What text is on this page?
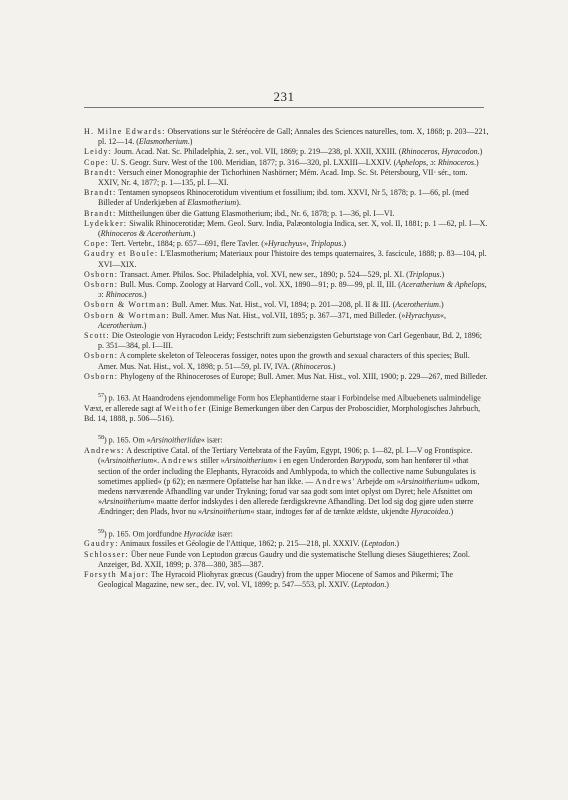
231

H. Milne Edwards: Observations sur le Stéréocère de Gall; Annales des Sciences naturelles, tom. X, 1868; p. 203—221, pl. 12—14. (Elasmotherium.)

Leidy: Journ. Acad. Nat. Sc. Philadelphia, 2. ser., vol. VII, 1869; p. 219—238, pl. XXII, XXIII. (Rhinoceros, Hyracodon.)

Cope: U. S. Geogr. Surv. West of the 100. Meridian, 1877; p. 316—320, pl. LXXIII—LXXIV. (Aphelops, ɔ: Rhinoceros.)

Brandt: Versuch einer Monographie der Tichorhinen Nashörner; Mém. Acad. Imp. Sc. St. Pétersbourg, VII· sér., tom. XXIV, Nr. 4, 1877; p. 1—135, pl. I—XI.

Brandt: Tentamen synopseos Rhinocerotidum viventium et fossilium; ibd. tom. XXVI, Nr 5, 1878; p. 1—66, pl. (med Billeder af Underkjæben af Elasmotherium).

Brandt: Mittheilungen über die Gattung Elasmotherium; ibd., Nr. 6, 1878; p. 1—36, pl. I—VI.

Lydekker: Siwalik Rhinocerotidæ; Mem. Geol. Surv. India, Palæontologia Indica, ser. X, vol. II, 1881; p. 1 —62, pl. I—X. (Rhinoceros & Acerotherium.)

Cope: Tert. Vertebr., 1884; p. 657—691, flere Tavler. (»Hyrachyus«, Triplopus.)

Gaudry et Boule: L'Elasmotherium; Materiaux pour l'histoire des temps quaternaires, 3. fascicule, 1888; p. 83—104, pl. XVI—XIX.

Osborn: Transact. Amer. Philos. Soc. Philadelphia, vol. XVI, new ser., 1890; p. 524—529, pl. XI. (Triplopus.)

Osborn: Bull. Mus. Comp. Zoology at Harvard Coll., vol. XX, 1890—91; p. 89—99, pl. II, III. (Aceratherium & Aphelops, ɔ: Rhinoceros.)

Osborn & Wortman: Bull. Amer. Mus. Nat. Hist., vol. VI, 1894; p. 201—208, pl. II & III. (Acerotherium.)

Osborn & Wortman: Bull. Amer. Mus Nat. Hist., vol.VII, 1895; p. 367—371, med Billeder. (»Hyrachyus«, Acerotherium.)

Scott: Die Osteologie von Hyracodon Leidy; Festschrift zum siebenzigsten Geburtstage von Carl Gegenbaur, Bd. 2, 1896; p. 351—384, pl. I—III.

Osborn: A complete skeleton of Teleoceras fossiger, notes upon the growth and sexual characters of this species; Bull. Amer. Mus. Nat. Hist., vol. X, 1898; p. 51—59, pl. IV, IVA. (Rhinoceros.)

Osborn: Phylogeny of the Rhinoceroses of Europe; Bull. Amer. Mus Nat. Hist., vol. XIII, 1900; p. 229—267, med Billeder.

$^{57}$) p. 163. At Haandrodens ejendommelige Form hos Elephantiderne staar i Forbindelse med Albuebenets ualmindelige Væxt, er allerede sagt af Weithofer (Einige Bemerkungen über den Carpus der Proboscidier, Morphologisches Jahrbuch, Bd. 14, 1888, p. 506—516).

$^{58}$) p. 165. Om »Arsinoitheriidæ« især:

Andrews: A descriptive Catal. of the Tertiary Vertebrata of the Fayûm, Egypt, 1906; p. 1—82, pl. I—V og Frontispice. (»Arsinoitherium«. Andrews stiller »Arsinoitherium« i en egen Underorden Barypoda, som han henfører til »that section of the order including the Elephants, Hyracoids and Amblypoda, to which the collective name Subungulates is sometimes applied« (p 62); en nærmere Opfattelse har han ikke. — Andrews' Arbejde om »Arsinoitherium« udkom, medens nærværende Afhandling var under Trykning; forud var saa godt som intet oplyst om Dyret; hele Afsnittet om »Arsinoitherium« maatte derfor indskydes i den allerede færdigskrevne Afhandling. Det lod sig dog gjøre uden større Ændringer; den Plads, hvor nu »Arsinoitherium« staar, indtoges før af de tænkte ældste, ukjendte Hyracoidea.)

$^{59}$) p. 165. Om jordfundne Hyracidæ især:

Gaudry: Animaux fossiles et Géologie de l'Attique, 1862; p. 215—218, pl. XXXIV. (Leptodon.)

Schlosser: Über neue Funde von Leptodon græcus Gaudry und die systematische Stellung dieses Säugethieres; Zool. Anzeiger, Bd. XXII, 1899; p. 378—380, 385—387.

Forsyth Major: The Hyracoid Pliohyrax græcus (Gaudry) from the upper Miocene of Samos and Pikermi; The Geological Magazine, new ser., dec. IV, vol. VI, 1899; p. 547—553, pl. XXIV. (Leptodon.)
